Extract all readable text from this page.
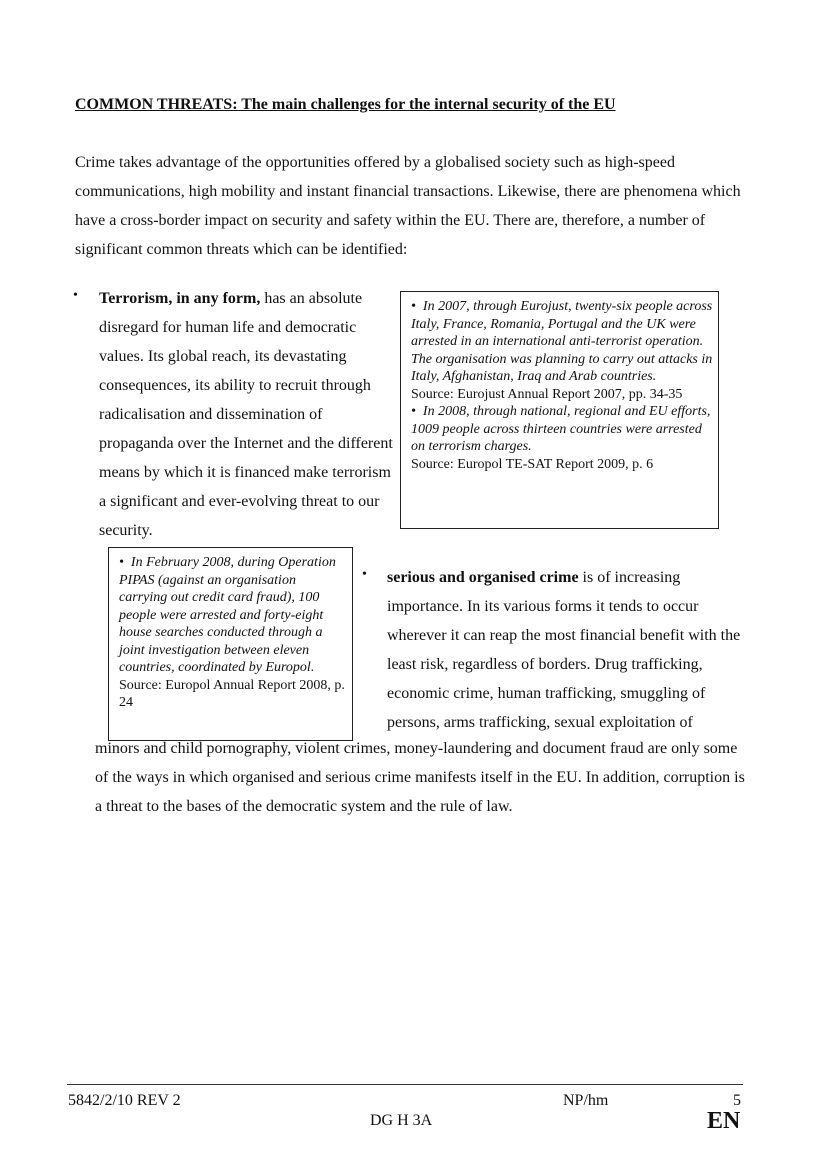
COMMON THREATS: The main challenges for the internal security of the EU
Crime takes advantage of the opportunities offered by a globalised society such as high-speed communications, high mobility and instant financial transactions. Likewise, there are phenomena which have a cross-border impact on security and safety within the EU. There are, therefore, a number of significant common threats which can be identified:
• Terrorism, in any form, has an absolute disregard for human life and democratic values. Its global reach, its devastating consequences, its ability to recruit through radicalisation and dissemination of propaganda over the Internet and the different means by which it is financed make terrorism a significant and ever-evolving threat to our security.

•  In 2007, through Eurojust, twenty-six people across Italy, France, Romania, Portugal and the UK were arrested in an international anti-terrorist operation. The organisation was planning to carry out attacks in Italy, Afghanistan, Iraq and Arab countries.

Source: Eurojust Annual Report 2007, pp. 34-35

•  In 2008, through national, regional and EU efforts, 1009 people across thirteen countries were arrested on terrorism charges.

Source: Europol TE-SAT Report 2009, p. 6

•  In February 2008, during Operation PIPAS (against an organisation carrying out credit card fraud), 100 people were arrested and forty-eight house searches conducted through a joint investigation between eleven countries, coordinated by Europol.

Source: Europol Annual Report 2008, p. 24

• serious and organised crime is of increasing importance. In its various forms it tends to occur wherever it can reap the most financial benefit with the least risk, regardless of borders. Drug trafficking, economic crime, human trafficking, smuggling of persons, arms trafficking, sexual exploitation of
minors and child pornography, violent crimes, money-laundering and document fraud are only some of the ways in which organised and serious crime manifests itself in the EU. In addition, corruption is a threat to the bases of the democratic system and the rule of law.
5842/2/10 REV 2	NP/hm	5
DG H 3A	EN
